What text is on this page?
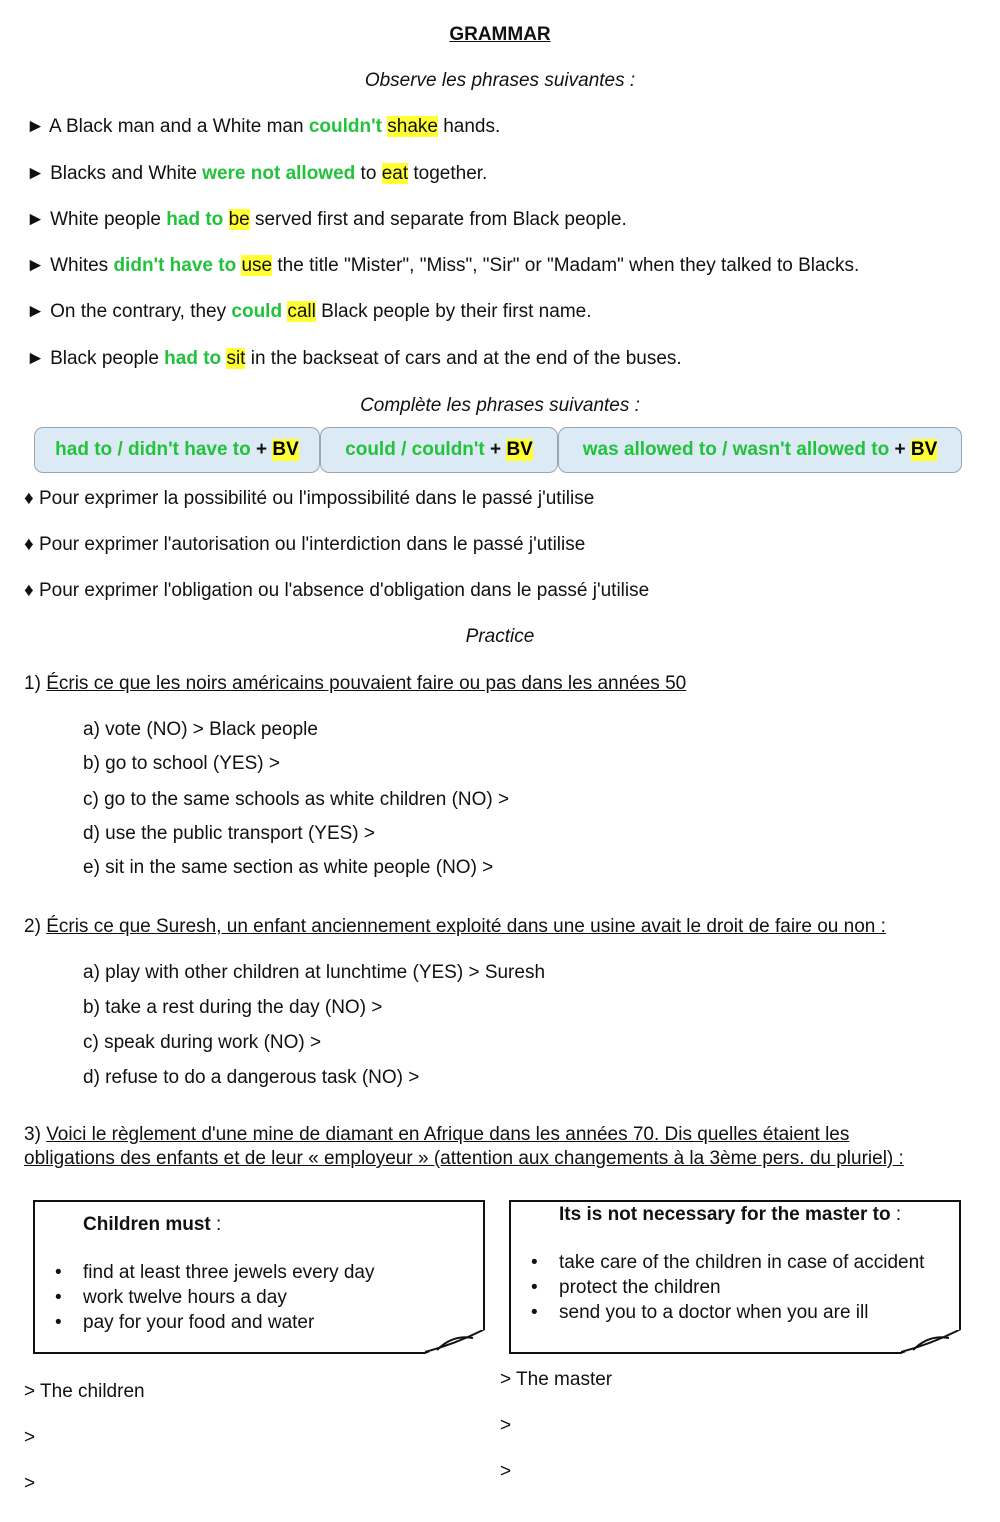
GRAMMAR
Observe les phrases suivantes :
► A Black man and a White man couldn't shake hands.
► Blacks and White were not allowed to eat together.
► White people had to be served first and separate from Black people.
► Whites didn't have to use the title "Mister", "Miss", "Sir" or "Madam" when they talked to Blacks.
► On the contrary, they could call Black people by their first name.
► Black people had to sit in the backseat of cars and at the end of the buses.
Complète les phrases suivantes :
had to / didn't have to
+
BV could / couldn't
+
BV	was allowed to / wasn't allowed to
+
BV
♦ Pour exprimer la possibilité ou l'impossibilité dans le passé j'utilise
♦ Pour exprimer l'autorisation ou l'interdiction dans le passé j'utilise
♦ Pour exprimer l'obligation ou l'absence d'obligation dans le passé j'utilise
Practice
1) Écris ce que les noirs américains pouvaient faire ou pas dans les années 50
a) vote (NO) > Black people
b) go to school (YES) >
c) go to the same schools as white children (NO) >
d) use the public transport (YES) >
e) sit in the same section as white people (NO) >
2) Écris ce que Suresh, un enfant anciennement exploité dans une usine avait le droit de faire ou non :
a) play with other children at lunchtime (YES) > Suresh
b) take a rest during the day (NO) >
c) speak during work (NO) >
d) refuse to do a dangerous task (NO) >
3) Voici le règlement d'une mine de diamant en Afrique dans les années 70. Dis quelles étaient les
obligations des enfants et de leur « employeur » (attention aux changements à la 3ème pers. du pluriel) :
Children must :
• find at least three jewels every day
• work twelve hours a day
• pay for your food and water
Its is not necessary for the master to :
• take care of the children in case of accident
• protect the children
• send you to a doctor when you are ill
> The children
>
>
> The master
>
>
